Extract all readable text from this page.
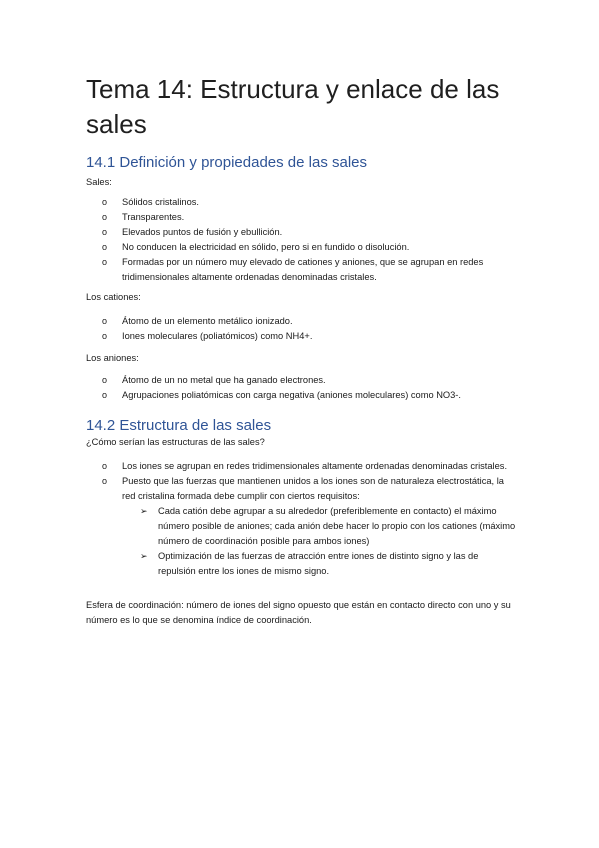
Tema 14: Estructura y enlace de las sales
14.1 Definición y propiedades de las sales

Sales:

o Sólidos cristalinos.
o Transparentes.
o Elevados puntos de fusión y ebullición.
o No conducen la electricidad en sólido, pero si en fundido o disolución.
o Formadas por un número muy elevado de cationes y aniones, que se agrupan en redes tridimensionales altamente ordenadas denominadas cristales.

Los cationes:

o Átomo de un elemento metálico ionizado.
o Iones moleculares (poliatómicos) como NH4+.

Los aniones:

o Átomo de un no metal que ha ganado electrones.
o Agrupaciones poliatómicas con carga negativa (aniones moleculares) como NO3-.
14.2 Estructura de las sales

¿Cómo serían las estructuras de las sales?

o Los iones se agrupan en redes tridimensionales altamente ordenadas denominadas cristales.
o Puesto que las fuerzas que mantienen unidos a los iones son de naturaleza electrostática, la red cristalina formada debe cumplir con ciertos requisitos:
➢ Cada catión debe agrupar a su alrededor (preferiblemente en contacto) el máximo número posible de aniones; cada anión debe hacer lo propio con los cationes (máximo número de coordinación posible para ambos iones)
➢ Optimización de las fuerzas de atracción entre iones de distinto signo y las de repulsión entre los iones de mismo signo.

Esfera de coordinación: número de iones del signo opuesto que están en contacto directo con uno y su número es lo que se denomina índice de coordinación.
